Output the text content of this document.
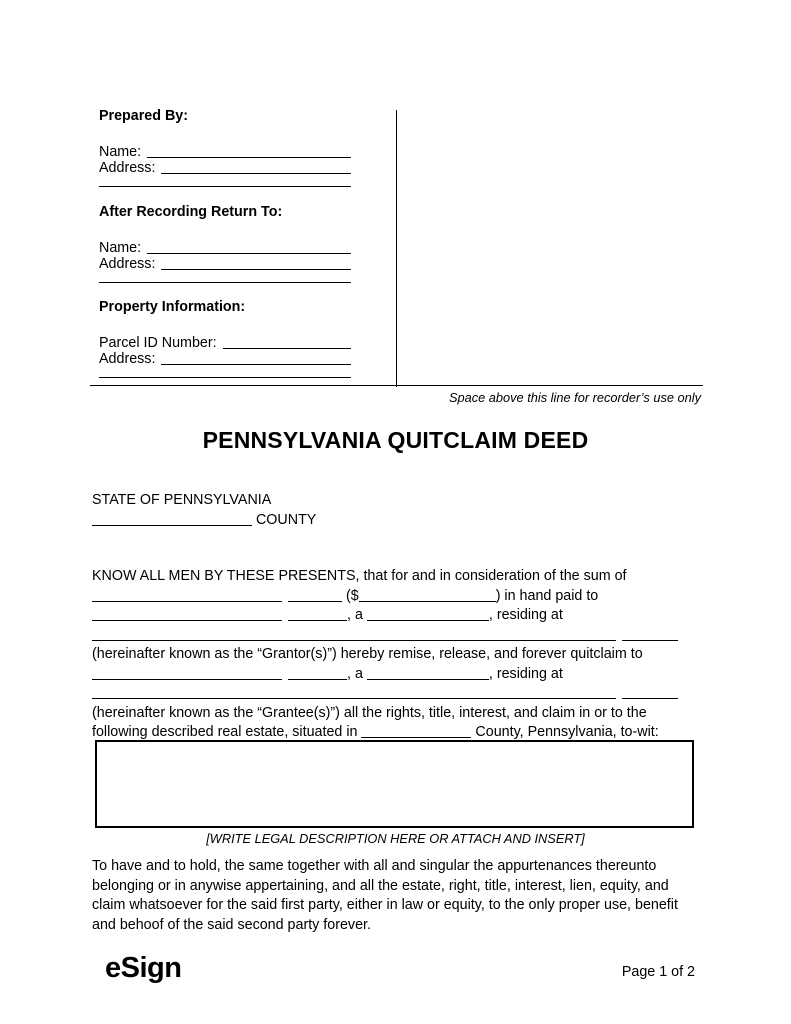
Prepared By:
Name:
Address:
After Recording Return To:
Name:
Address:
Property Information:
Parcel ID Number:
Address:
Space above this line for recorder’s use only
PENNSYLVANIA QUITCLAIM DEED
STATE OF PENNSYLVANIA
COUNTY
KNOW ALL MEN BY THESE PRESENTS, that for and in consideration of the sum of
($	) in hand paid to
, a	, residing at
(hereinafter known as the “Grantor(s)”) hereby remise, release, and forever quitclaim to
, a	, residing at
(hereinafter known as the “Grantee(s)”) all the rights, title, interest, and claim in or to the
following described real estate, situated in	County, Pennsylvania, to-wit:
[WRITE LEGAL DESCRIPTION HERE OR ATTACH AND INSERT]
To have and to hold, the same together with all and singular the appurtenances thereunto
belonging or in anywise appertaining, and all the estate, right, title, interest, lien, equity, and
claim whatsoever for the said first party, either in law or equity, to the only proper use, benefit
and behoof of the said second party forever.
eSign	Page 1 of 2
